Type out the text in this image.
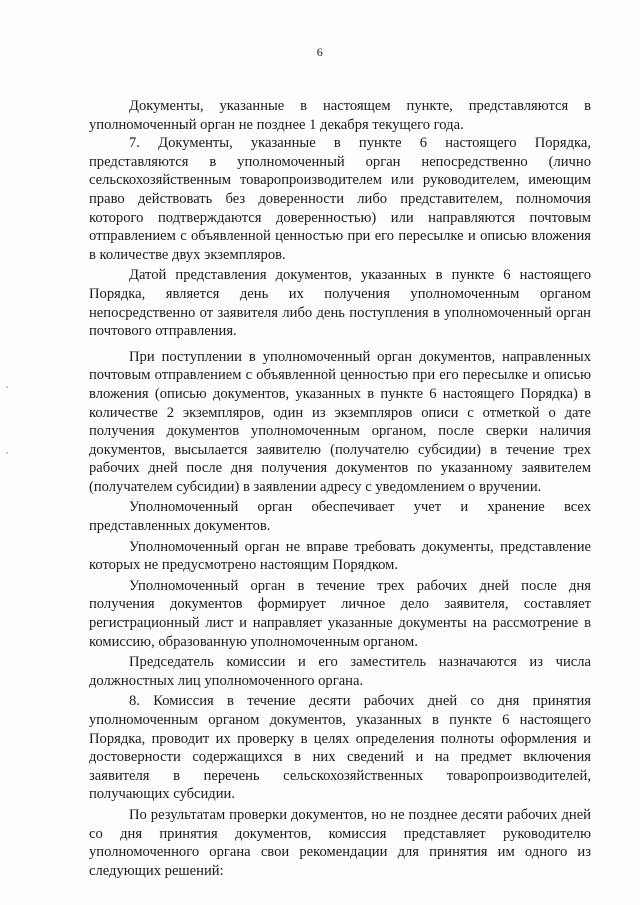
6

Документы, указанные в настоящем пункте, представляются в уполномоченный орган не позднее 1 декабря текущего года.

7. Документы, указанные в пункте 6 настоящего Порядка, представляются в уполномоченный орган непосредственно (лично сельскохозяйственным товаропроизводителем или руководителем, имеющим право действовать без доверенности либо представителем, полномочия которого подтверждаются доверенностью) или направляются почтовым отправлением с объявленной ценностью при его пересылке и описью вложения в количестве двух экземпляров.

Датой представления документов, указанных в пункте 6 настоящего Порядка, является день их получения уполномоченным органом непосредственно от заявителя либо день поступления в уполномоченный орган почтового отправления.

При поступлении в уполномоченный орган документов, направленных почтовым отправлением с объявленной ценностью при его пересылке и описью вложения (описью документов, указанных в пункте 6 настоящего Порядка) в количестве 2 экземпляров, один из экземпляров описи с отметкой о дате получения документов уполномоченным органом, после сверки наличия документов, высылается заявителю (получателю субсидии) в течение трех рабочих дней после дня получения документов по указанному заявителем (получателем субсидии) в заявлении адресу с уведомлением о вручении.

Уполномоченный орган обеспечивает учет и хранение всех представленных документов.

Уполномоченный орган не вправе требовать документы, представление которых не предусмотрено настоящим Порядком.

Уполномоченный орган в течение трех рабочих дней после дня получения документов формирует личное дело заявителя, составляет регистрационный лист и направляет указанные документы на рассмотрение в комиссию, образованную уполномоченным органом.

Председатель комиссии и его заместитель назначаются из числа должностных лиц уполномоченного органа.

8. Комиссия в течение десяти рабочих дней со дня принятия уполномоченным органом документов, указанных в пункте 6 настоящего Порядка, проводит их проверку в целях определения полноты оформления и достоверности содержащихся в них сведений и на предмет включения заявителя в перечень сельскохозяйственных товаропроизводителей, получающих субсидии.

По результатам проверки документов, но не позднее десяти рабочих дней со дня принятия документов, комиссия представляет руководителю уполномоченного органа свои рекомендации для принятия им одного из следующих решений:
